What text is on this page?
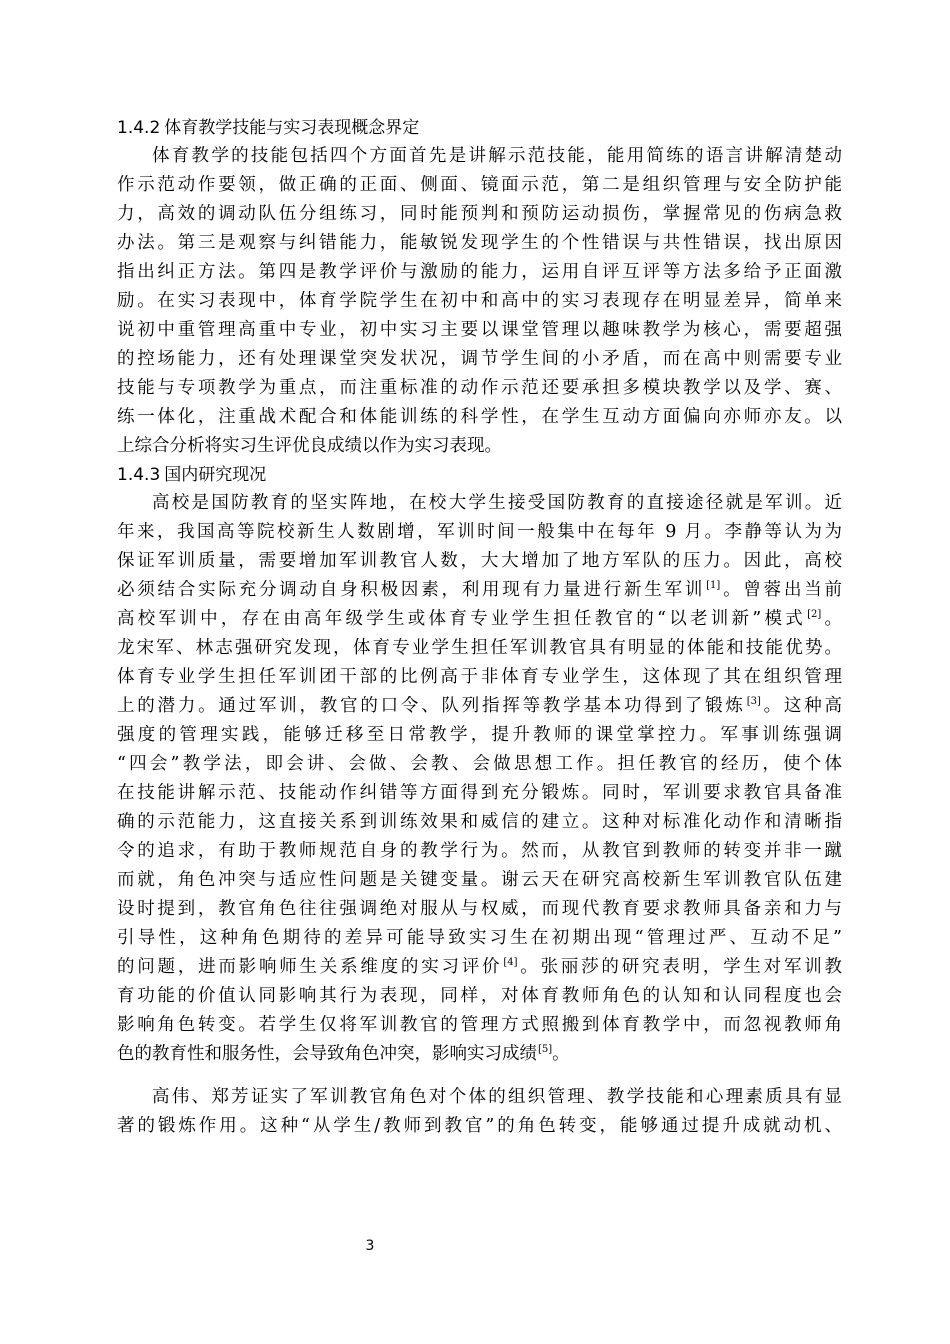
1.4.2 体育教学技能与实习表现概念界定
体育教学的技能包括四个方面首先是讲解示范技能，能用简练的语言讲解清楚动
作示范动作要领，做正确的正面、侧面、镜面示范，第二是组织管理与安全防护能
力，高效的调动队伍分组练习，同时能预判和预防运动损伤，掌握常见的伤病急救
办法。第三是观察与纠错能力，能敏锐发现学生的个性错误与共性错误，找出原因
指出纠正方法。第四是教学评价与激励的能力，运用自评互评等方法多给予正面激
励。在实习表现中，体育学院学生在初中和高中的实习表现存在明显差异，简单来
说初中重管理高重中专业，初中实习主要以课堂管理以趣味教学为核心，需要超强
的控场能力，还有处理课堂突发状况，调节学生间的小矛盾，而在高中则需要专业
技能与专项教学为重点，而注重标准的动作示范还要承担多模块教学以及学、赛、
练一体化，注重战术配合和体能训练的科学性，在学生互动方面偏向亦师亦友。以
上综合分析将实习生评优良成绩以作为实习表现。
1.4.3 国内研究现况
高校是国防教育的坚实阵地，在校大学生接受国防教育的直接途径就是军训。近
年来，我国高等院校新生人数剧增，军训时间一般集中在每年 9 月。李静等认为为
保证军训质量，需要增加军训教官人数，大大增加了地方军队的压力。因此，高校
必须结合实际充分调动自身积极因素，利用现有力量进行新生军训[1]。曾蓉出当前
高校军训中，存在由高年级学生或体育专业学生担任教官的“以老训新”模式[2]。
龙宋军、林志强研究发现，体育专业学生担任军训教官具有明显的体能和技能优势。
体育专业学生担任军训团干部的比例高于非体育专业学生，这体现了其在组织管理
上的潜力。通过军训，教官的口令、队列指挥等教学基本功得到了锻炼[3]。这种高
强度的管理实践，能够迁移至日常教学，提升教师的课堂掌控力。军事训练强调
“四会”教学法，即会讲、会做、会教、会做思想工作。担任教官的经历，使个体
在技能讲解示范、技能动作纠错等方面得到充分锻炼。同时，军训要求教官具备准
确的示范能力，这直接关系到训练效果和威信的建立。这种对标准化动作和清晰指
令的追求，有助于教师规范自身的教学行为。然而，从教官到教师的转变并非一蹴
而就，角色冲突与适应性问题是关键变量。谢云天在研究高校新生军训教官队伍建
设时提到，教官角色往往强调绝对服从与权威，而现代教育要求教师具备亲和力与
引导性，这种角色期待的差异可能导致实习生在初期出现“管理过严、互动不足”
的问题，进而影响师生关系维度的实习评价[4]。张丽莎的研究表明，学生对军训教
育功能的价值认同影响其行为表现，同样，对体育教师角色的认知和认同程度也会
影响角色转变。若学生仅将军训教官的管理方式照搬到体育教学中，而忽视教师角
色的教育性和服务性，会导致角色冲突，影响实习成绩[5]。
高伟、郑芳证实了军训教官角色对个体的组织管理、教学技能和心理素质具有显
著的锻炼作用。这种“从学生/教师到教官”的角色转变，能够通过提升成就动机、
3
